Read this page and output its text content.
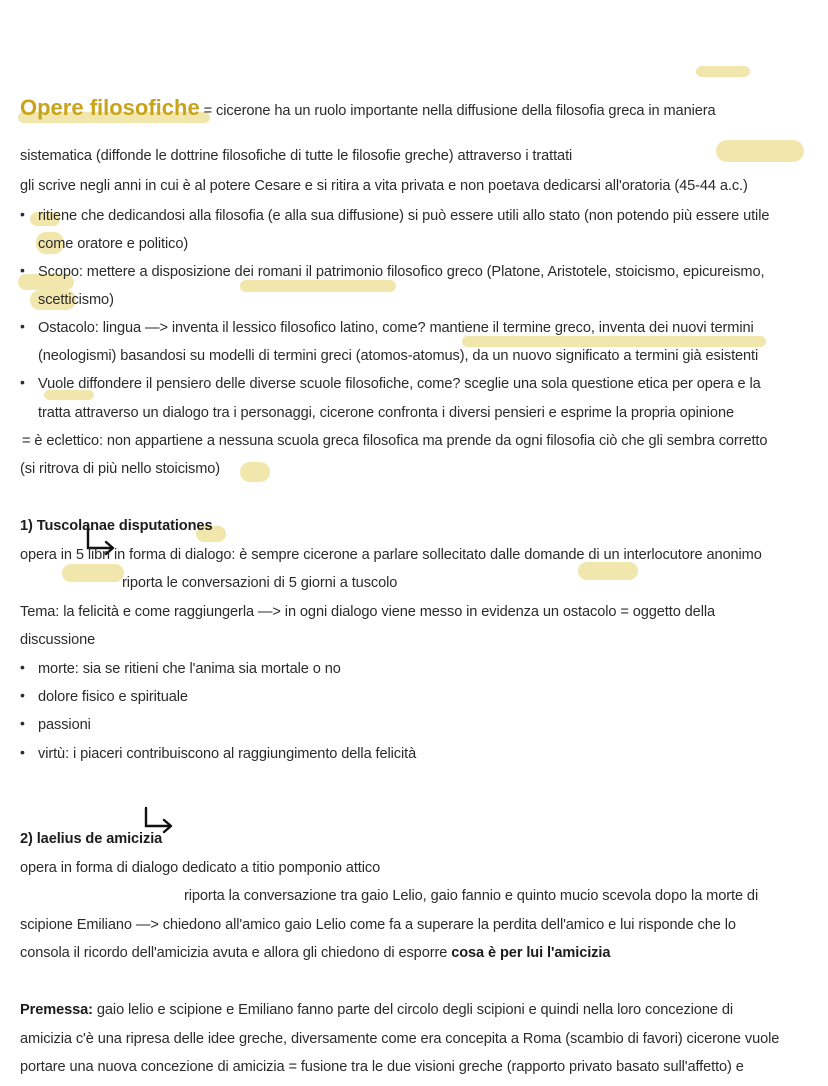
Opere filosofiche = cicerone ha un ruolo importante nella diffusione della filosofia greca in maniera
sistematica (diffonde le dottrine filosofiche di tutte le filosofie greche) attraverso i trattati
gli scrive negli anni in cui è al potere Cesare e si ritira a vita privata e non poetava dedicarsi all'oratoria (45-44 a.c.)
• ritiene che dedicandosi alla filosofia (e alla sua diffusione) si può essere utili allo stato (non potendo più essere utile
come oratore e politico)
• Scopo: mettere a disposizione dei romani il patrimonio filosofico greco (Platone, Aristotele, stoicismo, epicureismo,
scetticismo)
• Ostacolo: lingua —> inventa il lessico filosofico latino, come? mantiene il termine greco, inventa dei nuovi termini
(neologismi) basandosi su modelli di termini greci (atomos-atomus), da un nuovo significato a termini già esistenti
• Vuole diffondere il pensiero delle diverse scuole filosofiche, come? sceglie una sola questione etica per opera e la
tratta attraverso un dialogo tra i personaggi, cicerone confronta i diversi pensieri e esprime la propria opinione
= è eclettico: non appartiene a nessuna scuola greca filosofica ma prende da ogni filosofia ciò che gli sembra corretto
(si ritrova di più nello stoicismo)
1) Tuscolanae disputationes
opera in 5 libri in forma di dialogo: è sempre cicerone a parlare sollecitato dalle domande di un interlocutore anonimo
riporta le conversazioni di 5 giorni a tuscolo
Tema: la felicità e come raggiungerla —> in ogni dialogo viene messo in evidenza un ostacolo = oggetto della
discussione
• morte: sia se ritieni che l'anima sia mortale o no
• dolore fisico e spirituale
• passioni
• virtù: i piaceri contribuiscono al raggiungimento della felicità
2) laelius de amicizia
opera in forma di dialogo dedicato a titio pomponio attico
riporta la conversazione tra gaio Lelio, gaio fannio e quinto mucio scevola dopo la morte di
scipione Emiliano —> chiedono all'amico gaio Lelio come fa a superare la perdita dell'amico e lui risponde che lo
consola il ricordo dell'amicizia avuta e allora gli chiedono di esporre cosa è per lui l'amicizia
Premessa: gaio lelio e scipione e Emiliano fanno parte del circolo degli scipioni e quindi nella loro concezione di
amicizia c'è una ripresa delle idee greche, diversamente come era concepita a Roma (scambio di favori) cicerone vuole
portare una nuova concezione di amicizia = fusione tra le due visioni greche (rapporto privato basato sull'affetto) e
